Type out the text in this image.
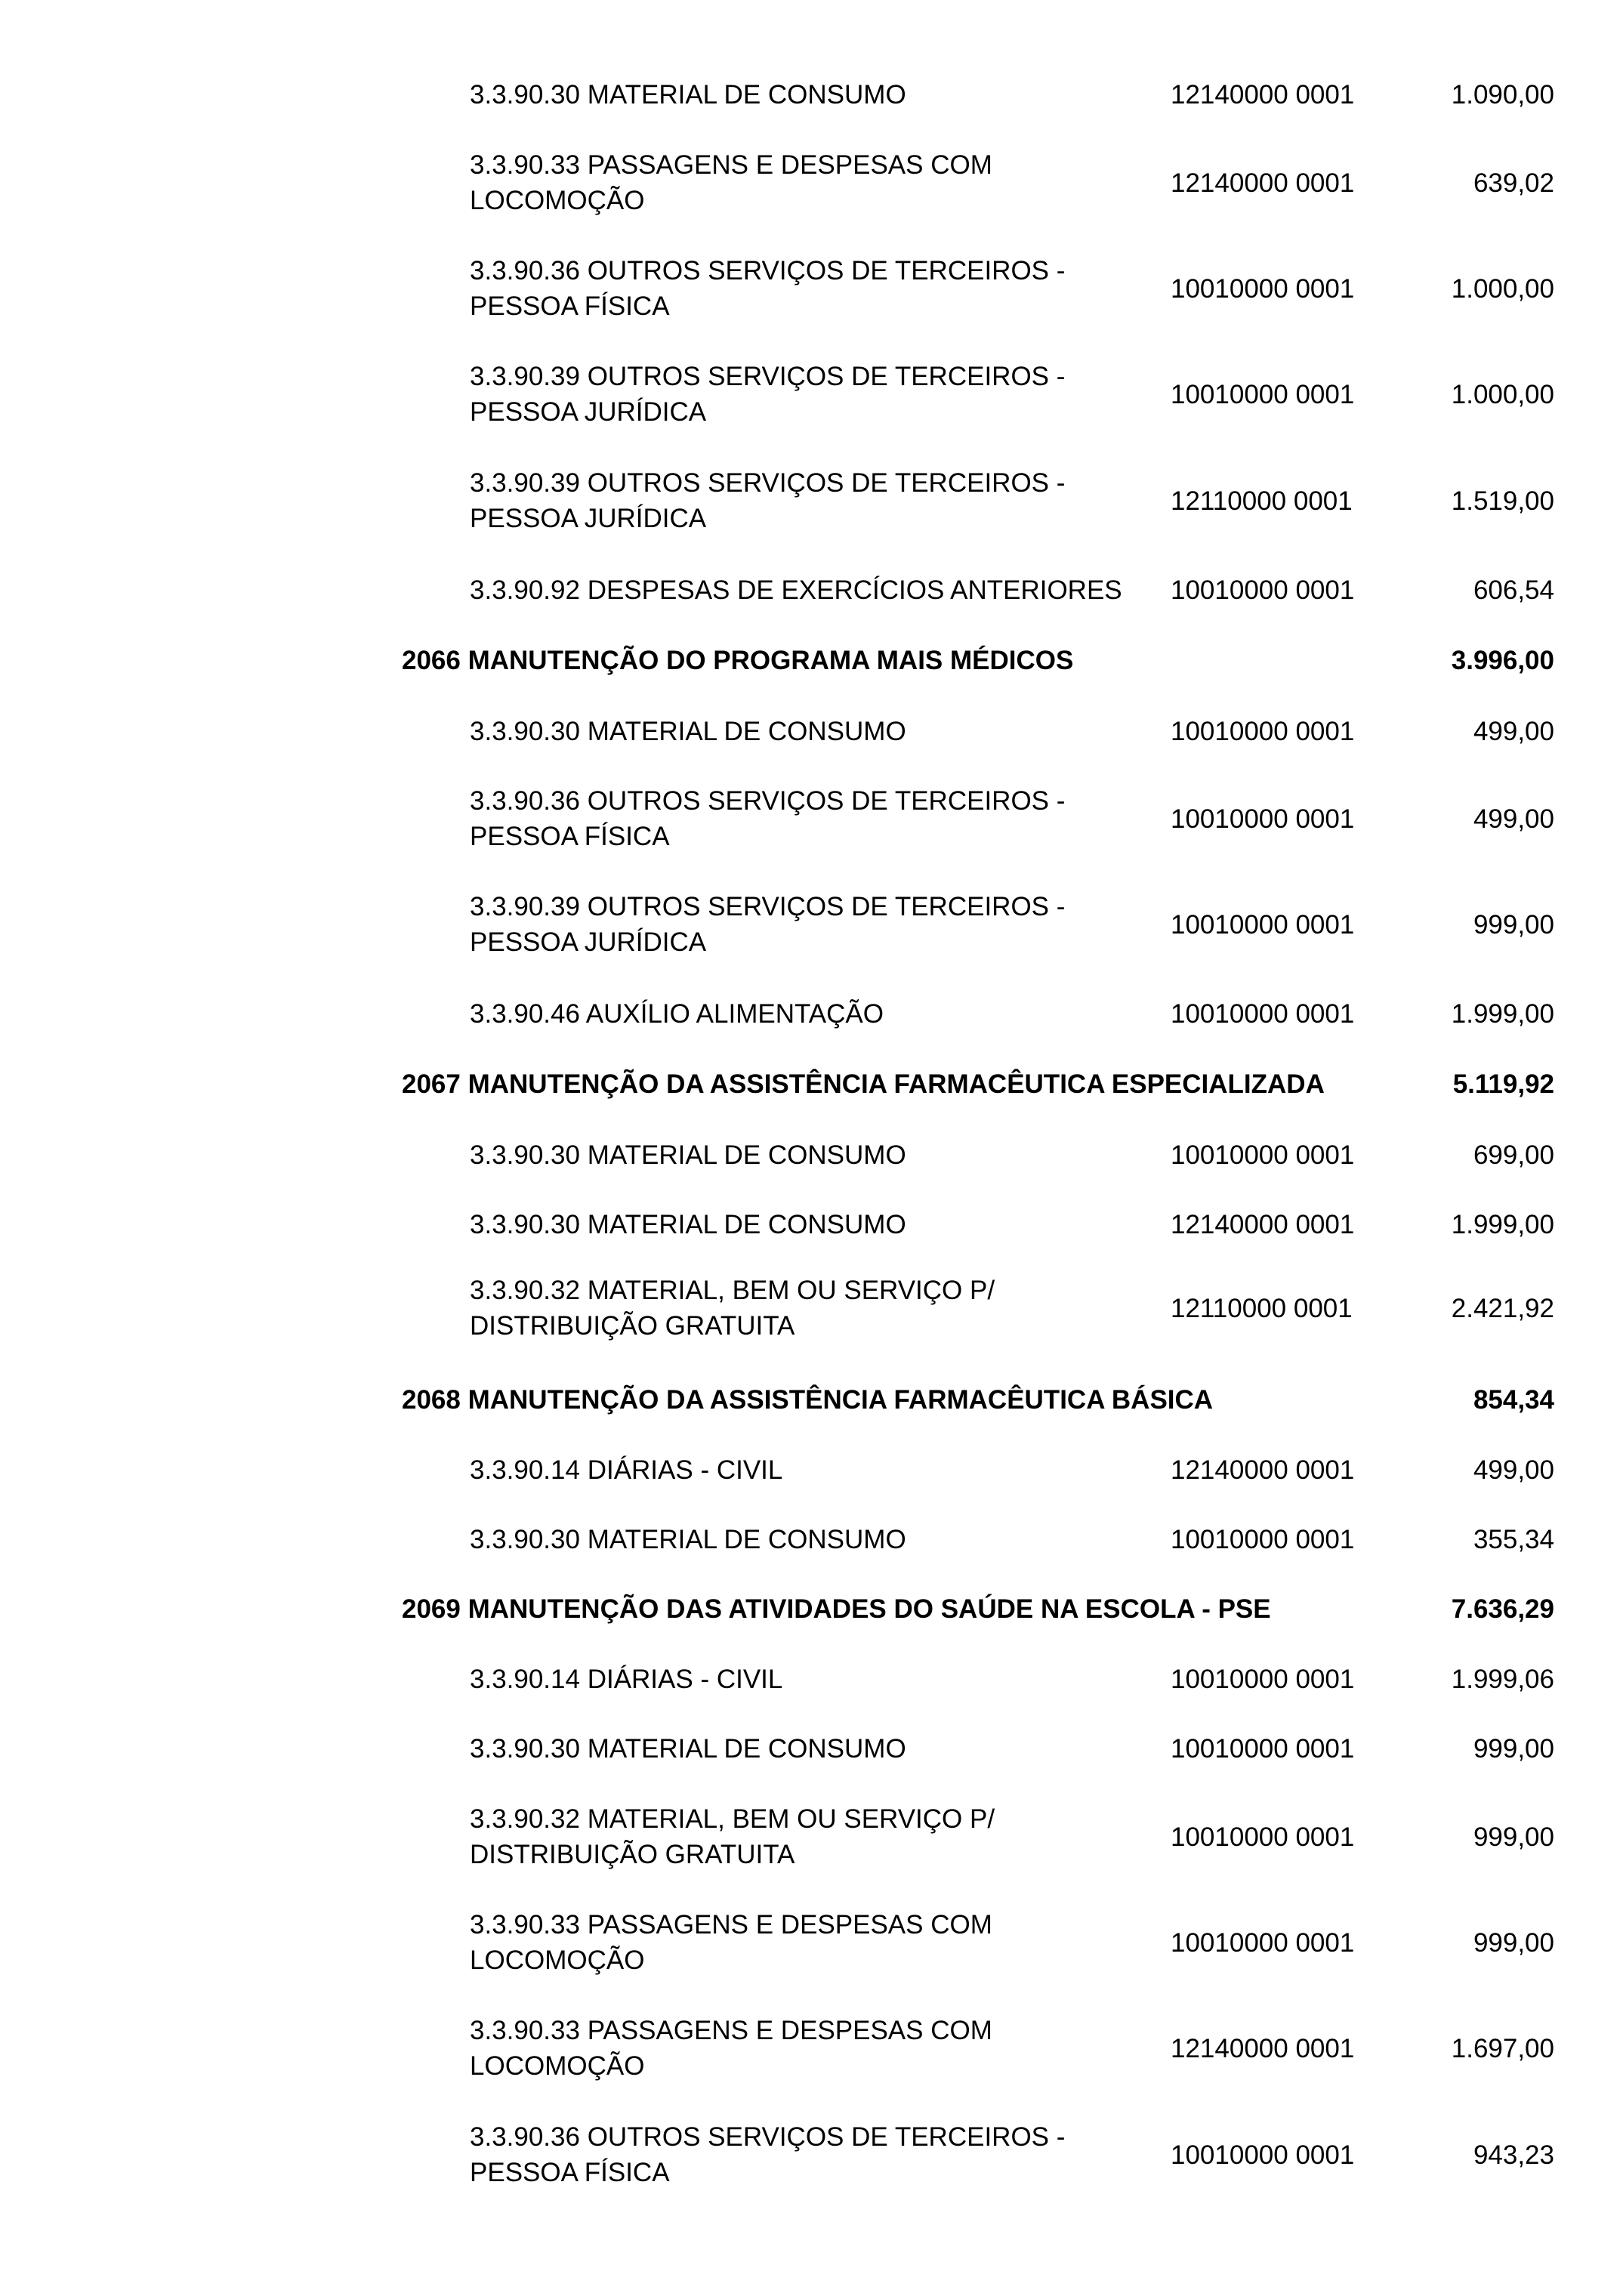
3.3.90.30 MATERIAL DE CONSUMO	12140000 0001	1.090,00
3.3.90.33 PASSAGENS E DESPESAS COM
LOCOMOÇÃO
12140000 0001	639,02
3.3.90.36 OUTROS SERVIÇOS DE TERCEIROS -
PESSOA FÍSICA
10010000 0001	1.000,00
3.3.90.39 OUTROS SERVIÇOS DE TERCEIROS -
PESSOA JURÍDICA
10010000 0001	1.000,00
3.3.90.39 OUTROS SERVIÇOS DE TERCEIROS -
PESSOA JURÍDICA
12110000 0001	1.519,00
3.3.90.92 DESPESAS DE EXERCÍCIOS ANTERIORES	10010000 0001	606,54
2066 MANUTENÇÃO DO PROGRAMA MAIS MÉDICOS	3.996,00
3.3.90.30 MATERIAL DE CONSUMO	10010000 0001	499,00
3.3.90.36 OUTROS SERVIÇOS DE TERCEIROS -
PESSOA FÍSICA
10010000 0001	499,00
3.3.90.39 OUTROS SERVIÇOS DE TERCEIROS -
PESSOA JURÍDICA
10010000 0001	999,00
3.3.90.46 AUXÍLIO ALIMENTAÇÃO	10010000 0001	1.999,00
2067 MANUTENÇÃO DA ASSISTÊNCIA FARMACÊUTICA ESPECIALIZADA	5.119,92
3.3.90.30 MATERIAL DE CONSUMO	10010000 0001	699,00
3.3.90.30 MATERIAL DE CONSUMO	12140000 0001	1.999,00
3.3.90.32 MATERIAL, BEM OU SERVIÇO P/
DISTRIBUIÇÃO GRATUITA
12110000 0001	2.421,92
2068 MANUTENÇÃO DA ASSISTÊNCIA FARMACÊUTICA BÁSICA	854,34
3.3.90.14 DIÁRIAS - CIVIL	12140000 0001	499,00
3.3.90.30 MATERIAL DE CONSUMO	10010000 0001	355,34
2069 MANUTENÇÃO DAS ATIVIDADES DO SAÚDE NA ESCOLA - PSE	7.636,29
3.3.90.14 DIÁRIAS - CIVIL	10010000 0001	1.999,06
3.3.90.30 MATERIAL DE CONSUMO	10010000 0001	999,00
3.3.90.32 MATERIAL, BEM OU SERVIÇO P/
DISTRIBUIÇÃO GRATUITA
10010000 0001	999,00
3.3.90.33 PASSAGENS E DESPESAS COM
LOCOMOÇÃO
10010000 0001	999,00
3.3.90.33 PASSAGENS E DESPESAS COM
LOCOMOÇÃO
12140000 0001	1.697,00
3.3.90.36 OUTROS SERVIÇOS DE TERCEIROS -
PESSOA FÍSICA
10010000 0001	943,23
